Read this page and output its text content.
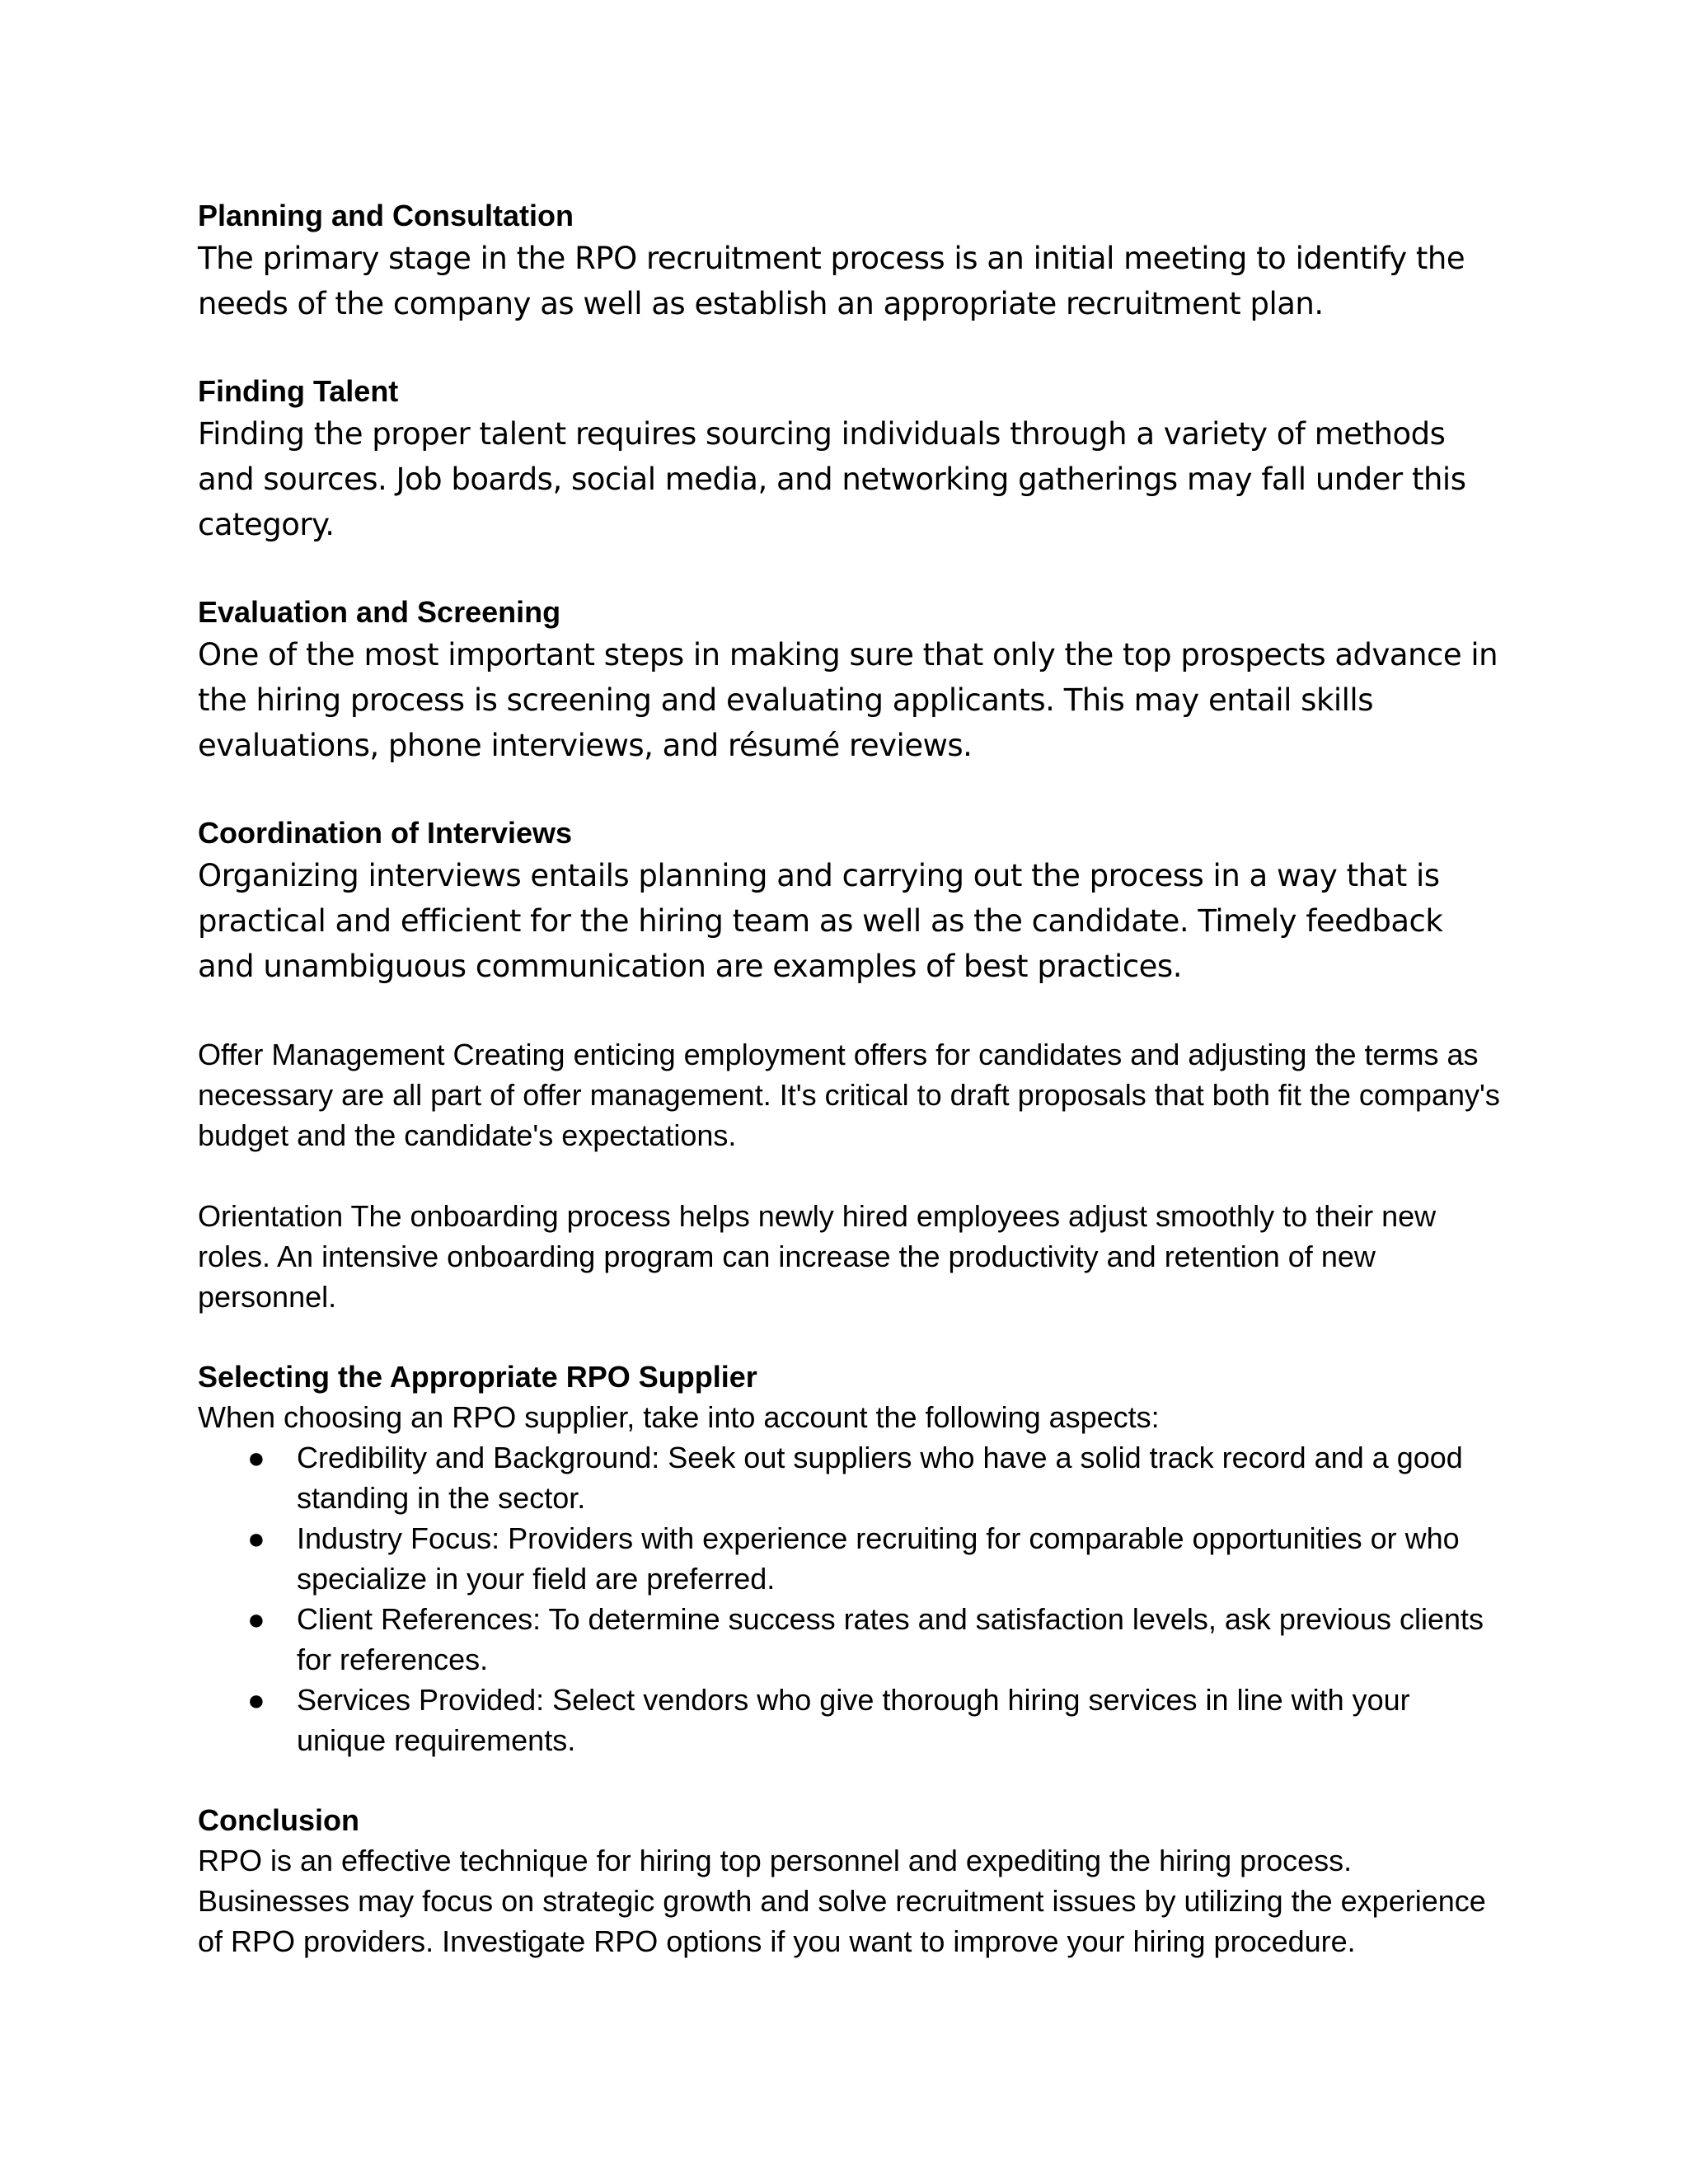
Planning and Consultation

The primary stage in the RPO recruitment process is an initial meeting to identify the needs of the company as well as establish an appropriate recruitment plan.

Finding Talent

Finding the proper talent requires sourcing individuals through a variety of methods and sources. Job boards, social media, and networking gatherings may fall under this category.

Evaluation and Screening

One of the most important steps in making sure that only the top prospects advance in the hiring process is screening and evaluating applicants. This may entail skills evaluations, phone interviews, and résumé reviews.

Coordination of Interviews

Organizing interviews entails planning and carrying out the process in a way that is practical and efficient for the hiring team as well as the candidate. Timely feedback and unambiguous communication are examples of best practices.

Offer Management Creating enticing employment offers for candidates and adjusting the terms as necessary are all part of offer management. It's critical to draft proposals that both fit the company's budget and the candidate's expectations.

Orientation The onboarding process helps newly hired employees adjust smoothly to their new roles. An intensive onboarding program can increase the productivity and retention of new personnel.

Selecting the Appropriate RPO Supplier

When choosing an RPO supplier, take into account the following aspects:

● Credibility and Background: Seek out suppliers who have a solid track record and a good standing in the sector.
● Industry Focus: Providers with experience recruiting for comparable opportunities or who specialize in your field are preferred.
● Client References: To determine success rates and satisfaction levels, ask previous clients for references.
● Services Provided: Select vendors who give thorough hiring services in line with your unique requirements.
Conclusion

RPO is an effective technique for hiring top personnel and expediting the hiring process. Businesses may focus on strategic growth and solve recruitment issues by utilizing the experience of RPO providers. Investigate RPO options if you want to improve your hiring procedure.
